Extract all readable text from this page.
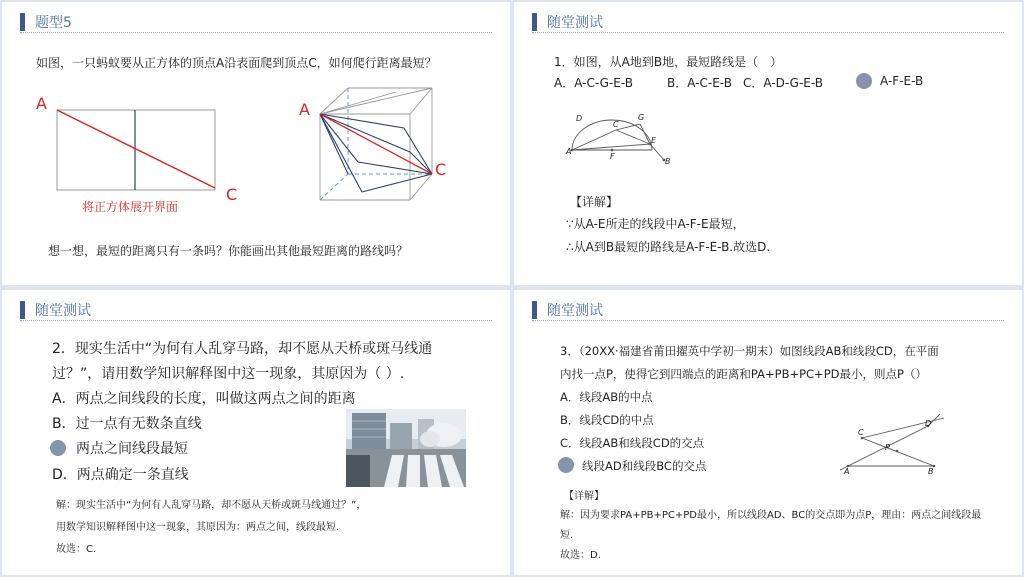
题型5
如图，一只蚂蚁要从正方体的顶点A沿表面爬到顶点C，如何爬行距离最短？
A
C
将正方体展开界面
A
C
想一想，最短的距离只有一条吗？你能画出其他最短距离的路线吗？
随堂测试
1．如图，从A地到B地，最短路线是（　）
A．A-C-G-E-B	B．A-C-E-B C．A-D-G-E-B	A-F-E-B
D
C
G
A
F
E
B
【详解】
∵从A-E所走的线段中A-F-E最短，
∴从A到B最短的路线是A-F-E-B.故选D.
随堂测试
2．现实生活中“为何有人乱穿马路，却不愿从天桥或斑马线通
过？”，请用数学知识解释图中这一现象，其原因为（ ）.
A．两点之间线段的长度，叫做这两点之间的距离
B．过一点有无数条直线
两点之间线段最短
D．两点确定一条直线
解：现实生活中“为何有人乱穿马路，却不愿从天桥或斑马线通过？”，
用数学知识解释图中这一现象，其原因为：两点之间，线段最短.
故选：C.
随堂测试
3．（20XX·福建省莆田擢英中学初一期末）如图线段AB和线段CD，在平面
内找一点P，使得它到四端点的距离和PA+PB+PC+PD最小，则点P（）
A．线段AB的中点
B．线段CD的中点
C．线段AB和线段CD的交点
线段AD和线段BC的交点
C
D
P
A	B
【详解】
解：因为要求PA+PB+PC+PD最小，所以线段AD、BC的交点即为点P，理由：两点之间线段最
短.
故选：D.
